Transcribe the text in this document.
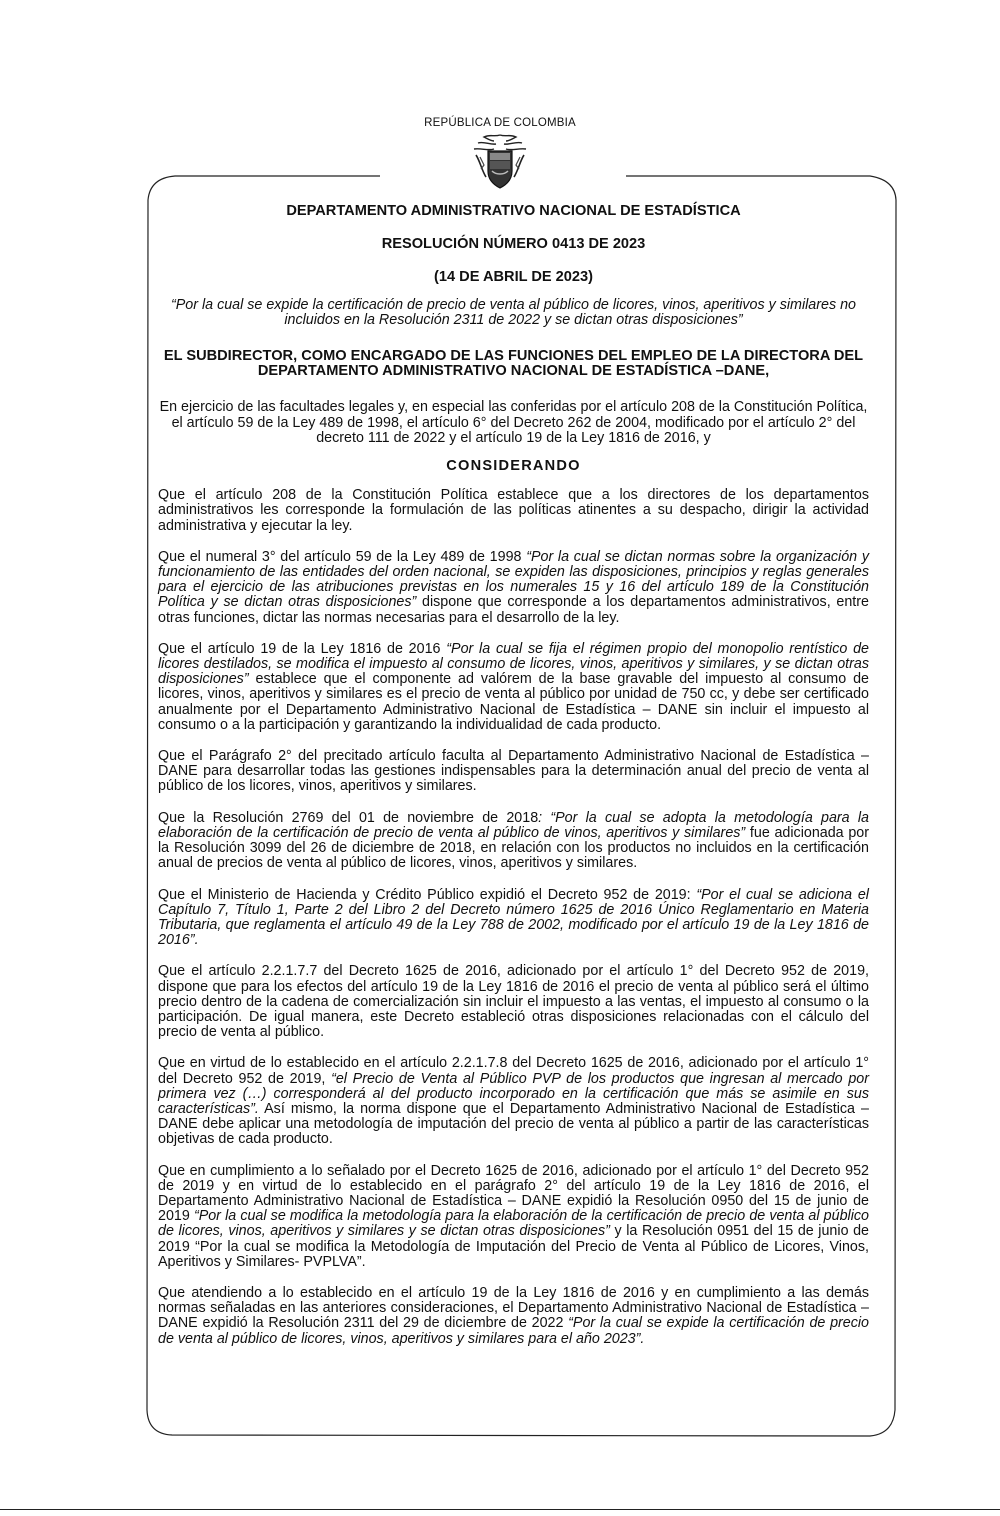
REPÚBLICA DE COLOMBIA
DEPARTAMENTO ADMINISTRATIVO NACIONAL DE ESTADÍSTICA
RESOLUCIÓN NÚMERO 0413 DE 2023
(14 DE ABRIL DE 2023)
“Por la cual se expide la certificación de precio de venta al público de licores, vinos, aperitivos y similares no incluidos en la Resolución 2311 de 2022 y se dictan otras disposiciones”
EL SUBDIRECTOR, COMO ENCARGADO DE LAS FUNCIONES DEL EMPLEO DE LA DIRECTORA DEL DEPARTAMENTO ADMINISTRATIVO NACIONAL DE ESTADÍSTICA –DANE,
En ejercicio de las facultades legales y, en especial las conferidas por el artículo 208 de la Constitución Política, el artículo 59 de la Ley 489 de 1998, el artículo 6° del Decreto 262 de 2004, modificado por el artículo 2° del decreto 111 de 2022 y el artículo 19 de la Ley 1816 de 2016, y
CONSIDERANDO

Que el artículo 208 de la Constitución Política establece que a los directores de los departamentos administrativos les corresponde la formulación de las políticas atinentes a su despacho, dirigir la actividad administrativa y ejecutar la ley.

Que el numeral 3° del artículo 59 de la Ley 489 de 1998 “Por la cual se dictan normas sobre la organización y funcionamiento de las entidades del orden nacional, se expiden las disposiciones, principios y reglas generales para el ejercicio de las atribuciones previstas en los numerales 15 y 16 del artículo 189 de la Constitución Política y se dictan otras disposiciones” dispone que corresponde a los departamentos administrativos, entre otras funciones, dictar las normas necesarias para el desarrollo de la ley.

Que el artículo 19 de la Ley 1816 de 2016 “Por la cual se fija el régimen propio del monopolio rentístico de licores destilados, se modifica el impuesto al consumo de licores, vinos, aperitivos y similares, y se dictan otras disposiciones” establece que el componente ad valórem de la base gravable del impuesto al consumo de licores, vinos, aperitivos y similares es el precio de venta al público por unidad de 750 cc, y debe ser certificado anualmente por el Departamento Administrativo Nacional de Estadística – DANE sin incluir el impuesto al consumo o a la participación y garantizando la individualidad de cada producto.

Que el Parágrafo 2° del precitado artículo faculta al Departamento Administrativo Nacional de Estadística – DANE para desarrollar todas las gestiones indispensables para la determinación anual del precio de venta al público de los licores, vinos, aperitivos y similares.

Que la Resolución 2769 del 01 de noviembre de 2018: “Por la cual se adopta la metodología para la elaboración de la certificación de precio de venta al público de vinos, aperitivos y similares” fue adicionada por la Resolución 3099 del 26 de diciembre de 2018, en relación con los productos no incluidos en la certificación anual de precios de venta al público de licores, vinos, aperitivos y similares.

Que el Ministerio de Hacienda y Crédito Público expidió el Decreto 952 de 2019: “Por el cual se adiciona el Capítulo 7, Título 1, Parte 2 del Libro 2 del Decreto número 1625 de 2016 Único Reglamentario en Materia Tributaria, que reglamenta el artículo 49 de la Ley 788 de 2002, modificado por el artículo 19 de la Ley 1816 de 2016”.

Que el artículo 2.2.1.7.7 del Decreto 1625 de 2016, adicionado por el artículo 1° del Decreto 952 de 2019, dispone que para los efectos del artículo 19 de la Ley 1816 de 2016 el precio de venta al público será el último precio dentro de la cadena de comercialización sin incluir el impuesto a las ventas, el impuesto al consumo o la participación. De igual manera, este Decreto estableció otras disposiciones relacionadas con el cálculo del precio de venta al público.

Que en virtud de lo establecido en el artículo 2.2.1.7.8 del Decreto 1625 de 2016, adicionado por el artículo 1° del Decreto 952 de 2019, “el Precio de Venta al Público PVP de los productos que ingresan al mercado por primera vez (…) corresponderá al del producto incorporado en la certificación que más se asimile en sus características”. Así mismo, la norma dispone que el Departamento Administrativo Nacional de Estadística – DANE debe aplicar una metodología de imputación del precio de venta al público a partir de las características objetivas de cada producto.

Que en cumplimiento a lo señalado por el Decreto 1625 de 2016, adicionado por el artículo 1° del Decreto 952 de 2019 y en virtud de lo establecido en el parágrafo 2° del artículo 19 de la Ley 1816 de 2016, el Departamento Administrativo Nacional de Estadística – DANE expidió la Resolución 0950 del 15 de junio de 2019 “Por la cual se modifica la metodología para la elaboración de la certificación de precio de venta al público de licores, vinos, aperitivos y similares y se dictan otras disposiciones” y la Resolución 0951 del 15 de junio de 2019 “Por la cual se modifica la Metodología de Imputación del Precio de Venta al Público de Licores, Vinos, Aperitivos y Similares- PVPLVA”.

Que atendiendo a lo establecido en el artículo 19 de la Ley 1816 de 2016 y en cumplimiento a las demás normas señaladas en las anteriores consideraciones, el Departamento Administrativo Nacional de Estadística – DANE expidió la Resolución 2311 del 29 de diciembre de 2022 “Por la cual se expide la certificación de precio de venta al público de licores, vinos, aperitivos y similares para el año 2023”.
